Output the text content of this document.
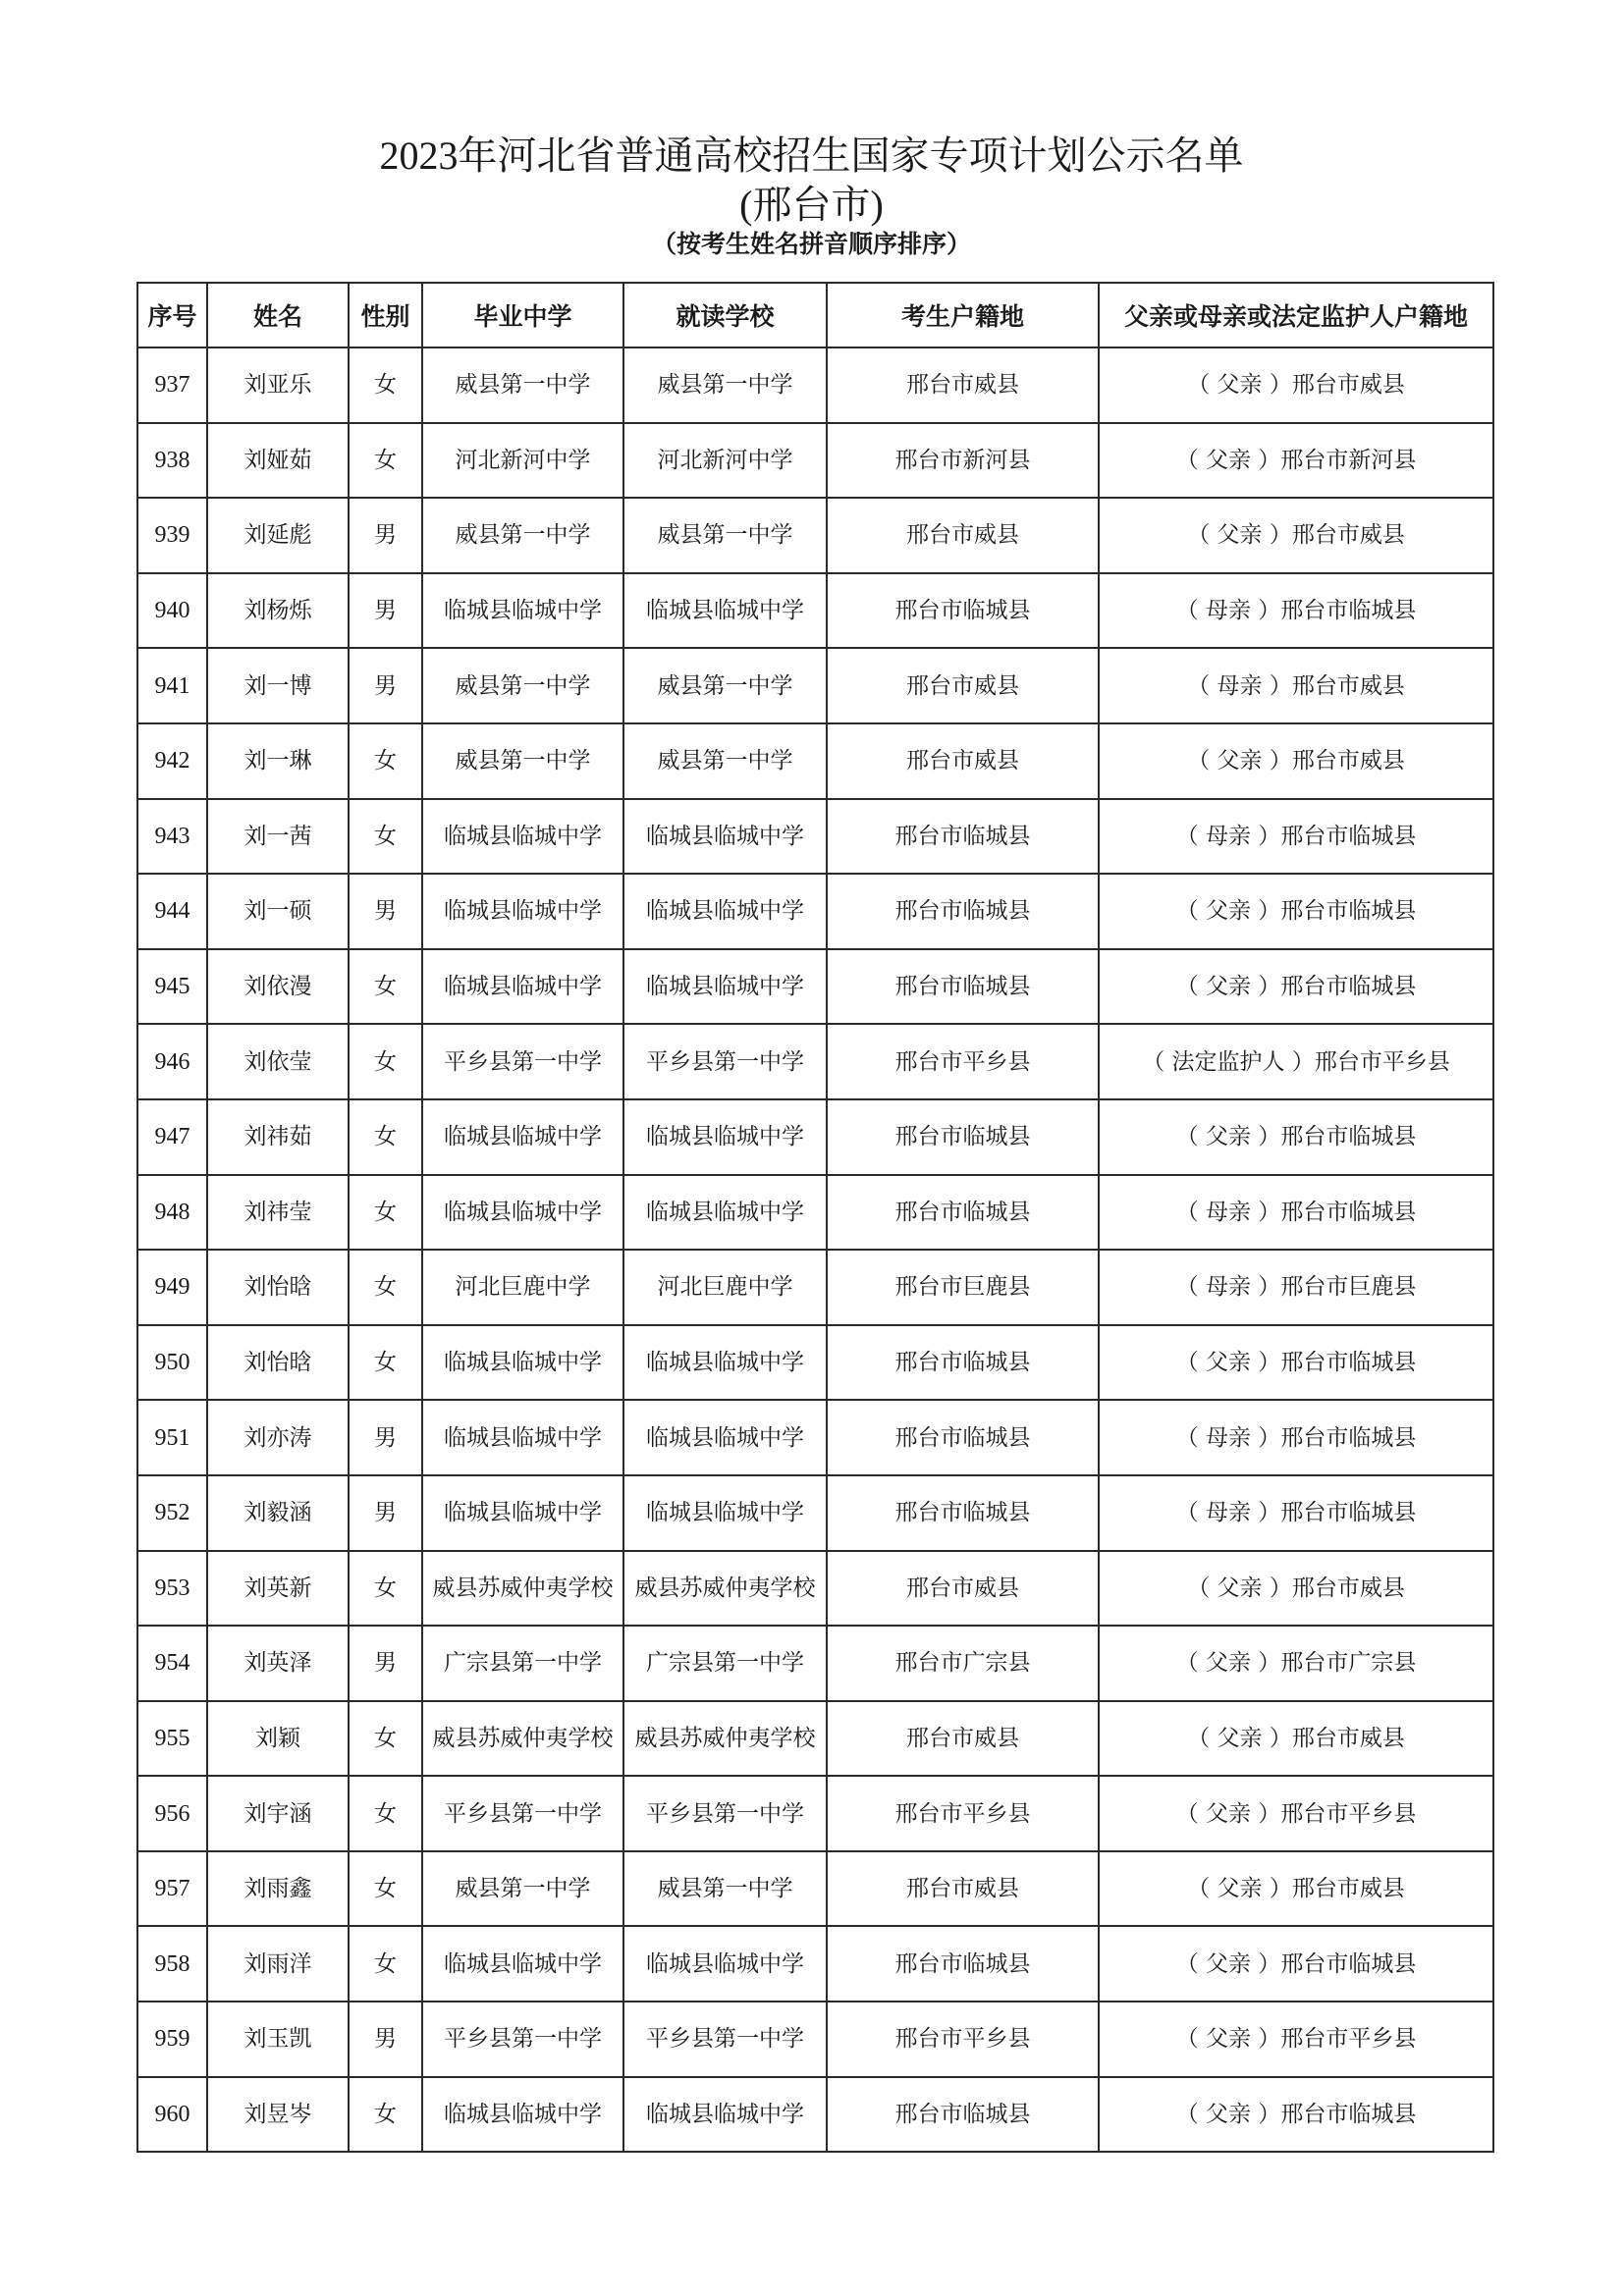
2023年河北省普通高校招生国家专项计划公示名单
(邢台市)
（按考生姓名拼音顺序排序）
序号	姓名	性别	毕业中学	就读学校	考生户籍地	父亲或母亲或法定监护人户籍地
937	刘亚乐	女	威县第一中学	威县第一中学	邢台市威县	（ 父亲 ）邢台市威县
938	刘娅茹	女	河北新河中学	河北新河中学	邢台市新河县	（ 父亲 ）邢台市新河县
939	刘延彪	男	威县第一中学	威县第一中学	邢台市威县	（ 父亲 ）邢台市威县
940	刘杨烁	男	临城县临城中学	临城县临城中学	邢台市临城县	（ 母亲 ）邢台市临城县
941	刘一博	男	威县第一中学	威县第一中学	邢台市威县	（ 母亲 ）邢台市威县
942	刘一琳	女	威县第一中学	威县第一中学	邢台市威县	（ 父亲 ）邢台市威县
943	刘一茜	女	临城县临城中学	临城县临城中学	邢台市临城县	（ 母亲 ）邢台市临城县
944	刘一硕	男	临城县临城中学	临城县临城中学	邢台市临城县	（ 父亲 ）邢台市临城县
945	刘依漫	女	临城县临城中学	临城县临城中学	邢台市临城县	（ 父亲 ）邢台市临城县
946	刘依莹	女	平乡县第一中学	平乡县第一中学	邢台市平乡县	（ 法定监护人 ）邢台市平乡县
947	刘祎茹	女	临城县临城中学	临城县临城中学	邢台市临城县	（ 父亲 ）邢台市临城县
948	刘祎莹	女	临城县临城中学	临城县临城中学	邢台市临城县	（ 母亲 ）邢台市临城县
949	刘怡晗	女	河北巨鹿中学	河北巨鹿中学	邢台市巨鹿县	（ 母亲 ）邢台市巨鹿县
950	刘怡晗	女	临城县临城中学	临城县临城中学	邢台市临城县	（ 父亲 ）邢台市临城县
951	刘亦涛	男	临城县临城中学	临城县临城中学	邢台市临城县	（ 母亲 ）邢台市临城县
952	刘毅涵	男	临城县临城中学	临城县临城中学	邢台市临城县	（ 母亲 ）邢台市临城县
953	刘英新	女	威县苏威仲夷学校	威县苏威仲夷学校	邢台市威县	（ 父亲 ）邢台市威县
954	刘英泽	男	广宗县第一中学	广宗县第一中学	邢台市广宗县	（ 父亲 ）邢台市广宗县
955	刘颖	女	威县苏威仲夷学校	威县苏威仲夷学校	邢台市威县	（ 父亲 ）邢台市威县
956	刘宇涵	女	平乡县第一中学	平乡县第一中学	邢台市平乡县	（ 父亲 ）邢台市平乡县
957	刘雨鑫	女	威县第一中学	威县第一中学	邢台市威县	（ 父亲 ）邢台市威县
958	刘雨洋	女	临城县临城中学	临城县临城中学	邢台市临城县	（ 父亲 ）邢台市临城县
959	刘玉凯	男	平乡县第一中学	平乡县第一中学	邢台市平乡县	（ 父亲 ）邢台市平乡县
960	刘昱岑	女	临城县临城中学	临城县临城中学	邢台市临城县	（ 父亲 ）邢台市临城县
